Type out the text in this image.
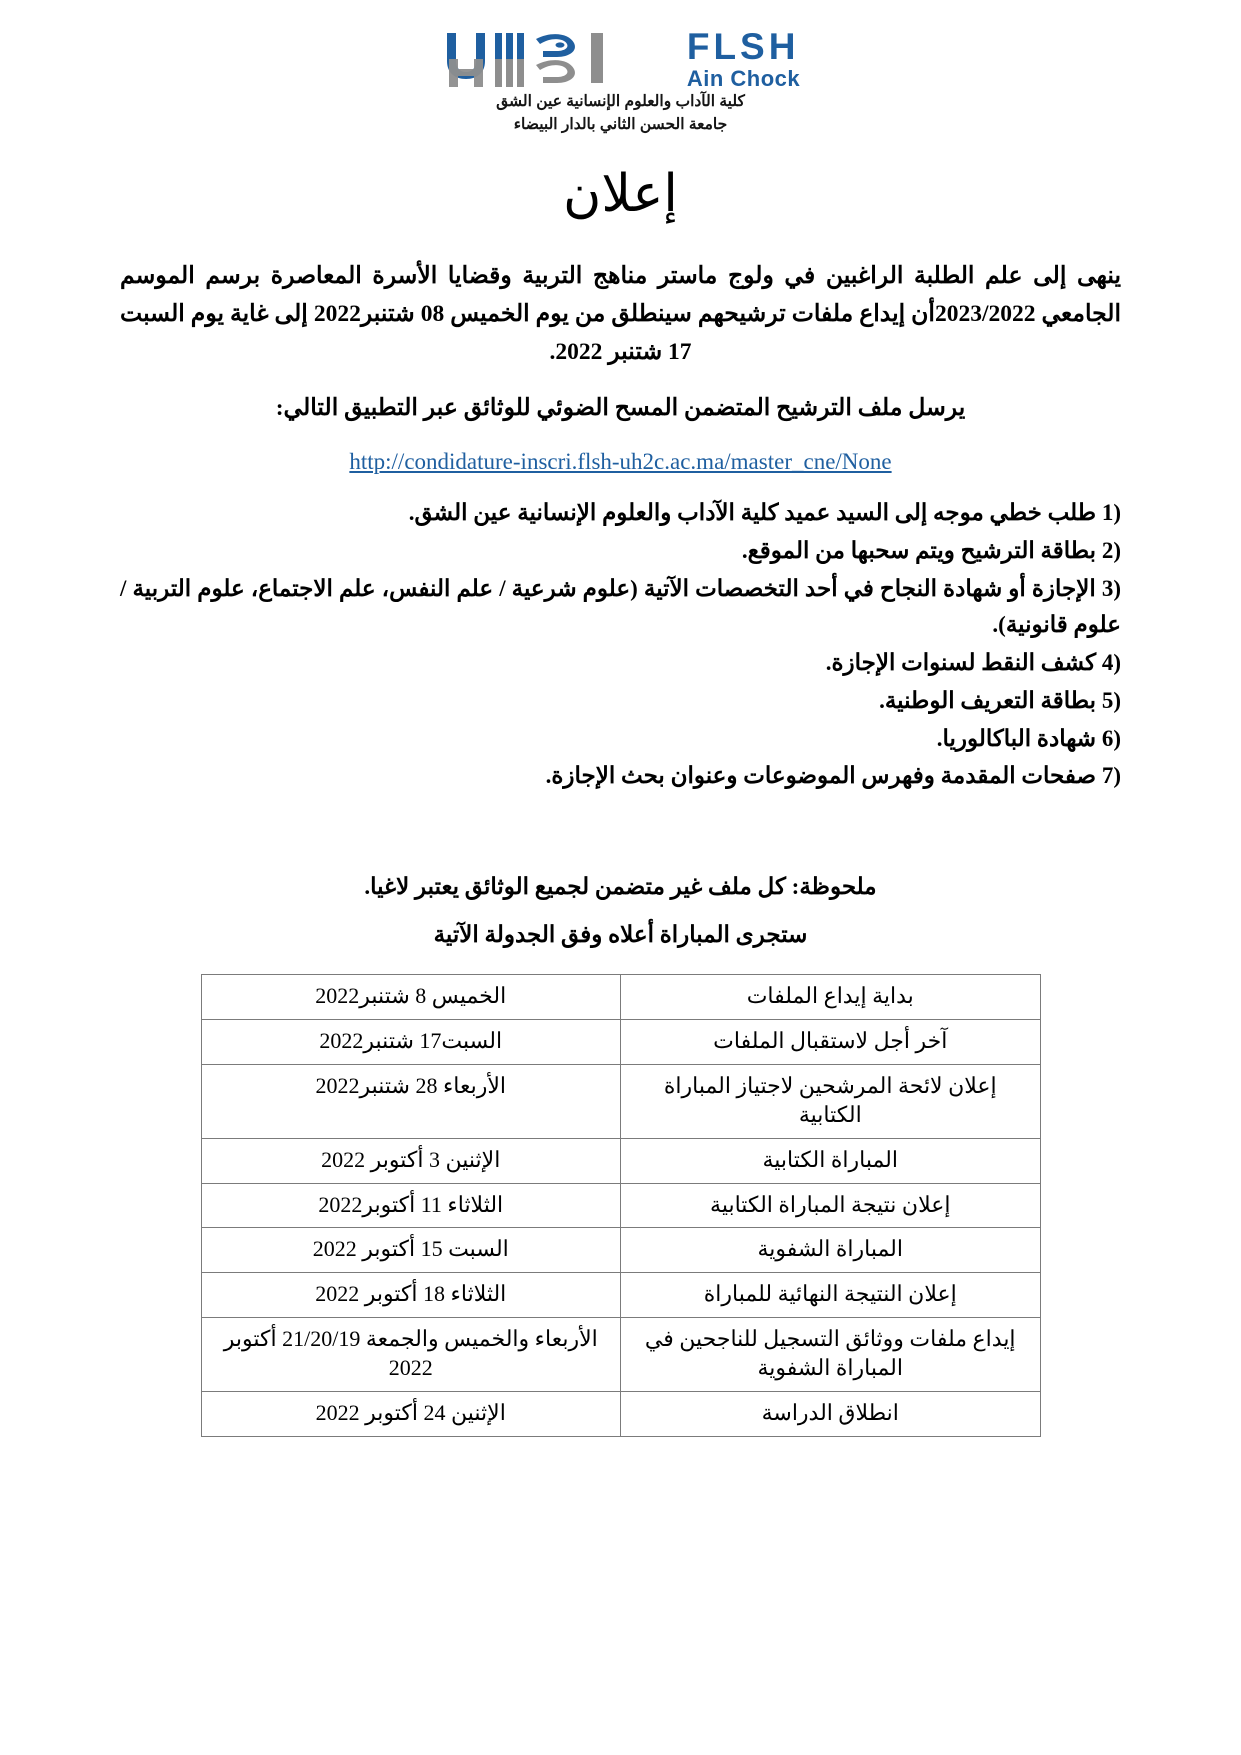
FLSH
Ain Chock
كلية الآداب والعلوم الإنسانية عين الشق
جامعة الحسن الثاني بالدار البيضاء
إعلان

ينهى إلى علم الطلبة الراغبين في ولوج ماستر مناهج التربية وقضايا الأسرة المعاصرة برسم الموسم الجامعي 2023/2022أن إيداع ملفات ترشيحهم سينطلق من يوم الخميس 08 شتنبر2022 إلى غاية يوم السبت 17 شتنبر 2022.

يرسل ملف الترشيح المتضمن المسح الضوئي للوثائق عبر التطبيق التالي:

http://condidature-inscri.flsh-uh2c.ac.ma/master_cne/None
1) طلب خطي موجه إلى السيد عميد كلية الآداب والعلوم الإنسانية عين الشق.
2) بطاقة الترشيح ويتم سحبها من الموقع.
3) الإجازة أو شهادة النجاح في أحد التخصصات الآتية (علوم شرعية / علم النفس، علم الاجتماع، علوم التربية / علوم قانونية).
4) كشف النقط لسنوات الإجازة.
5) بطاقة التعريف الوطنية.
6) شهادة الباكالوريا.
7) صفحات المقدمة وفهرس الموضوعات وعنوان بحث الإجازة.

ملحوظة: كل ملف غير متضمن لجميع الوثائق يعتبر لاغيا.

ستجرى المباراة أعلاه وفق الجدولة الآتية

بداية إيداع الملفات	الخميس 8 شتنبر2022
آخر أجل لاستقبال الملفات	السبت17 شتنبر2022
إعلان لائحة المرشحين لاجتياز المباراة الكتابية	الأربعاء 28 شتنبر2022
المباراة الكتابية	الإثنين 3 أكتوبر 2022
إعلان نتيجة المباراة الكتابية	الثلاثاء 11 أكتوبر2022
المباراة الشفوية	السبت 15 أكتوبر 2022
إعلان النتيجة النهائية للمباراة	الثلاثاء 18 أكتوبر 2022
إيداع ملفات ووثائق التسجيل للناجحين في المباراة الشفوية	الأربعاء والخميس والجمعة 21/20/19 أكتوبر 2022
انطلاق الدراسة	الإثنين 24 أكتوبر 2022
